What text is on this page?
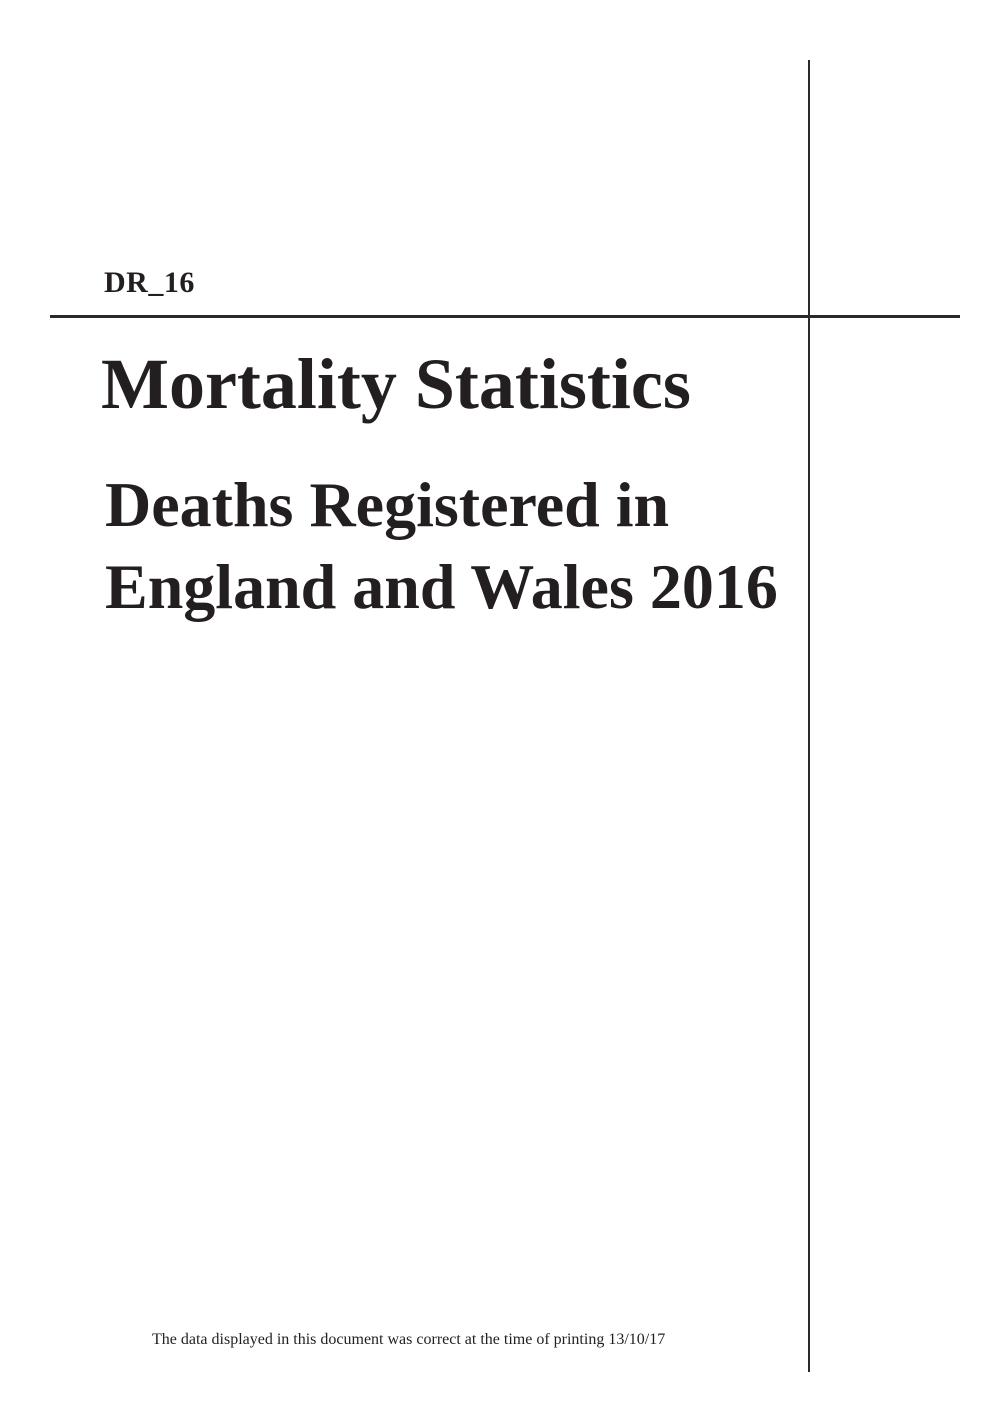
DR_16
Mortality Statistics
Deaths Registered in
England and Wales 2016
The data displayed in this document was correct at the time of printing 13/10/17
